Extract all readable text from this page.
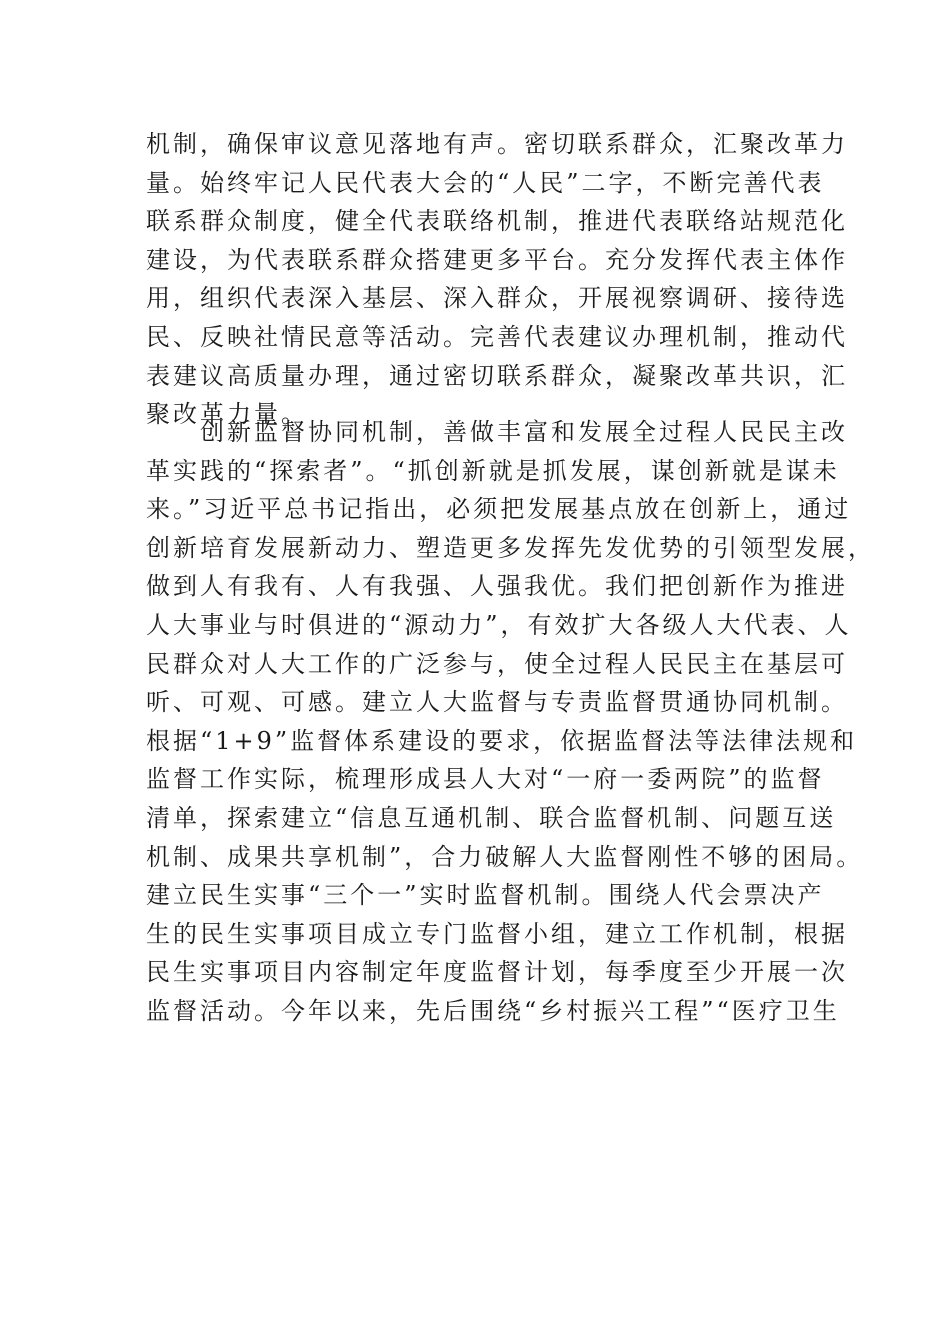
机制，确保审议意见落地有声。密切联系群众，汇聚改革力
量。始终牢记人民代表大会的“人民”二字，不断完善代表
联系群众制度，健全代表联络机制，推进代表联络站规范化
建设，为代表联系群众搭建更多平台。充分发挥代表主体作
用，组织代表深入基层、深入群众，开展视察调研、接待选
民、反映社情民意等活动。完善代表建议办理机制，推动代
表建议高质量办理，通过密切联系群众，凝聚改革共识，汇
聚改革力量。
创新监督协同机制，善做丰富和发展全过程人民民主改
革实践的“探索者”。“抓创新就是抓发展，谋创新就是谋未
来。”习近平总书记指出，必须把发展基点放在创新上，通过
创新培育发展新动力、塑造更多发挥先发优势的引领型发展，
做到人有我有、人有我强、人强我优。我们把创新作为推进
人大事业与时俱进的“源动力”，有效扩大各级人大代表、人
民群众对人大工作的广泛参与，使全过程人民民主在基层可
听、可观、可感。建立人大监督与专责监督贯通协同机制。
根据“1+9”监督体系建设的要求，依据监督法等法律法规和
监督工作实际，梳理形成县人大对“一府一委两院”的监督
清单，探索建立“信息互通机制、联合监督机制、问题互送
机制、成果共享机制”，合力破解人大监督刚性不够的困局。
建立民生实事“三个一”实时监督机制。围绕人代会票决产
生的民生实事项目成立专门监督小组，建立工作机制，根据
民生实事项目内容制定年度监督计划，每季度至少开展一次
监督活动。今年以来，先后围绕“乡村振兴工程”“医疗卫生
